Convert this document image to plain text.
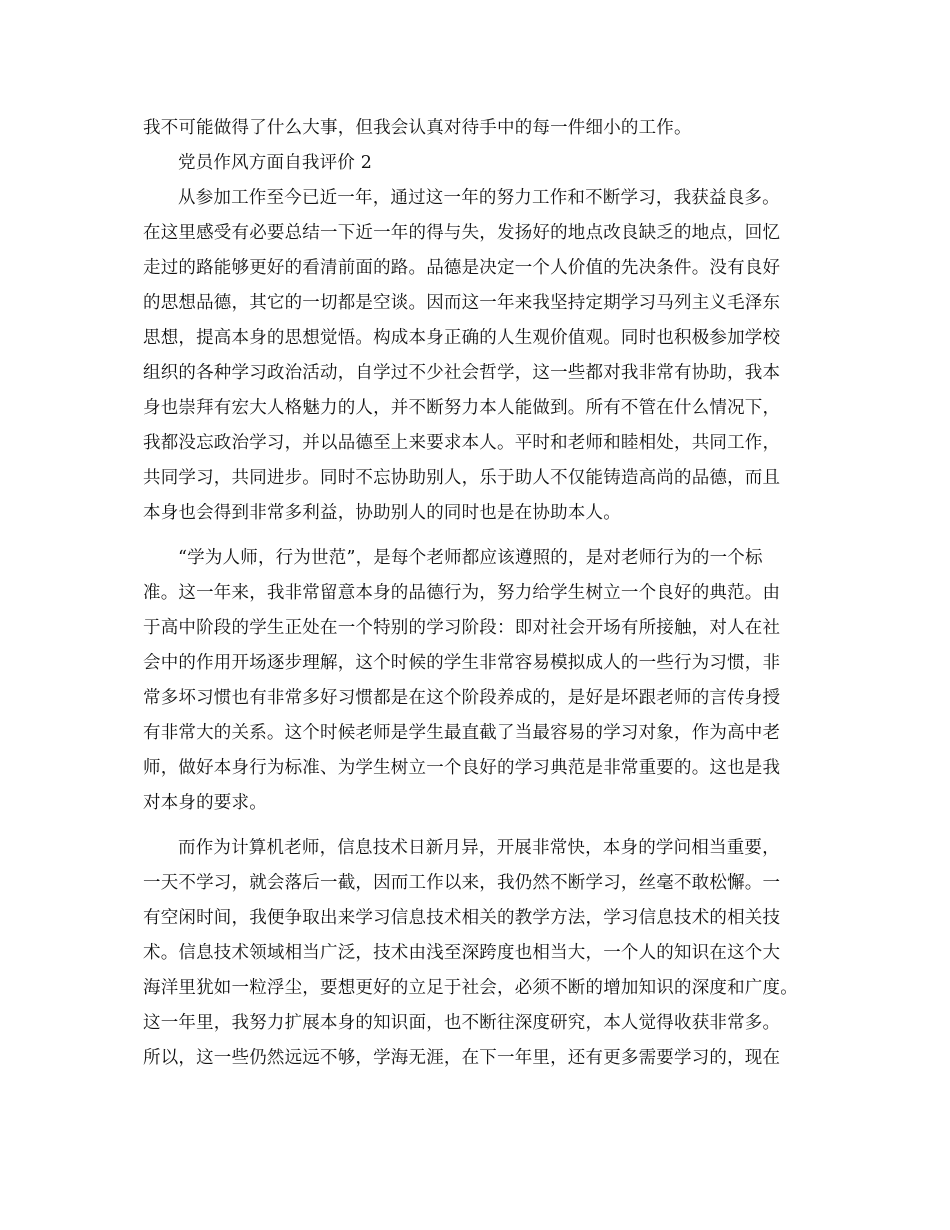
我不可能做得了什么大事，但我会认真对待手中的每一件细小的工作。
党员作风方面自我评价 2
从参加工作至今已近一年，通过这一年的努力工作和不断学习，我获益良多。
在这里感受有必要总结一下近一年的得与失，发扬好的地点改良缺乏的地点，回忆
走过的路能够更好的看清前面的路。品德是决定一个人价值的先决条件。没有良好
的思想品德，其它的一切都是空谈。因而这一年来我坚持定期学习马列主义毛泽东
思想，提高本身的思想觉悟。构成本身正确的人生观价值观。同时也积极参加学校
组织的各种学习政治活动，自学过不少社会哲学，这一些都对我非常有协助，我本
身也崇拜有宏大人格魅力的人，并不断努力本人能做到。所有不管在什么情况下，
我都没忘政治学习，并以品德至上来要求本人。平时和老师和睦相处，共同工作，
共同学习，共同进步。同时不忘协助别人，乐于助人不仅能铸造高尚的品德，而且
本身也会得到非常多利益，协助别人的同时也是在协助本人。
“学为人师，行为世范”，是每个老师都应该遵照的，是对老师行为的一个标
准。这一年来，我非常留意本身的品德行为，努力给学生树立一个良好的典范。由
于高中阶段的学生正处在一个特别的学习阶段：即对社会开场有所接触，对人在社
会中的作用开场逐步理解，这个时候的学生非常容易模拟成人的一些行为习惯，非
常多坏习惯也有非常多好习惯都是在这个阶段养成的，是好是坏跟老师的言传身授
有非常大的关系。这个时候老师是学生最直截了当最容易的学习对象，作为高中老
师，做好本身行为标准、为学生树立一个良好的学习典范是非常重要的。这也是我
对本身的要求。
而作为计算机老师，信息技术日新月异，开展非常快，本身的学问相当重要，
一天不学习，就会落后一截，因而工作以来，我仍然不断学习，丝毫不敢松懈。一
有空闲时间，我便争取出来学习信息技术相关的教学方法，学习信息技术的相关技
术。信息技术领域相当广泛，技术由浅至深跨度也相当大，一个人的知识在这个大
海洋里犹如一粒浮尘，要想更好的立足于社会，必须不断的增加知识的深度和广度。
这一年里，我努力扩展本身的知识面，也不断往深度研究，本人觉得收获非常多。
所以，这一些仍然远远不够，学海无涯，在下一年里，还有更多需要学习的，现在
